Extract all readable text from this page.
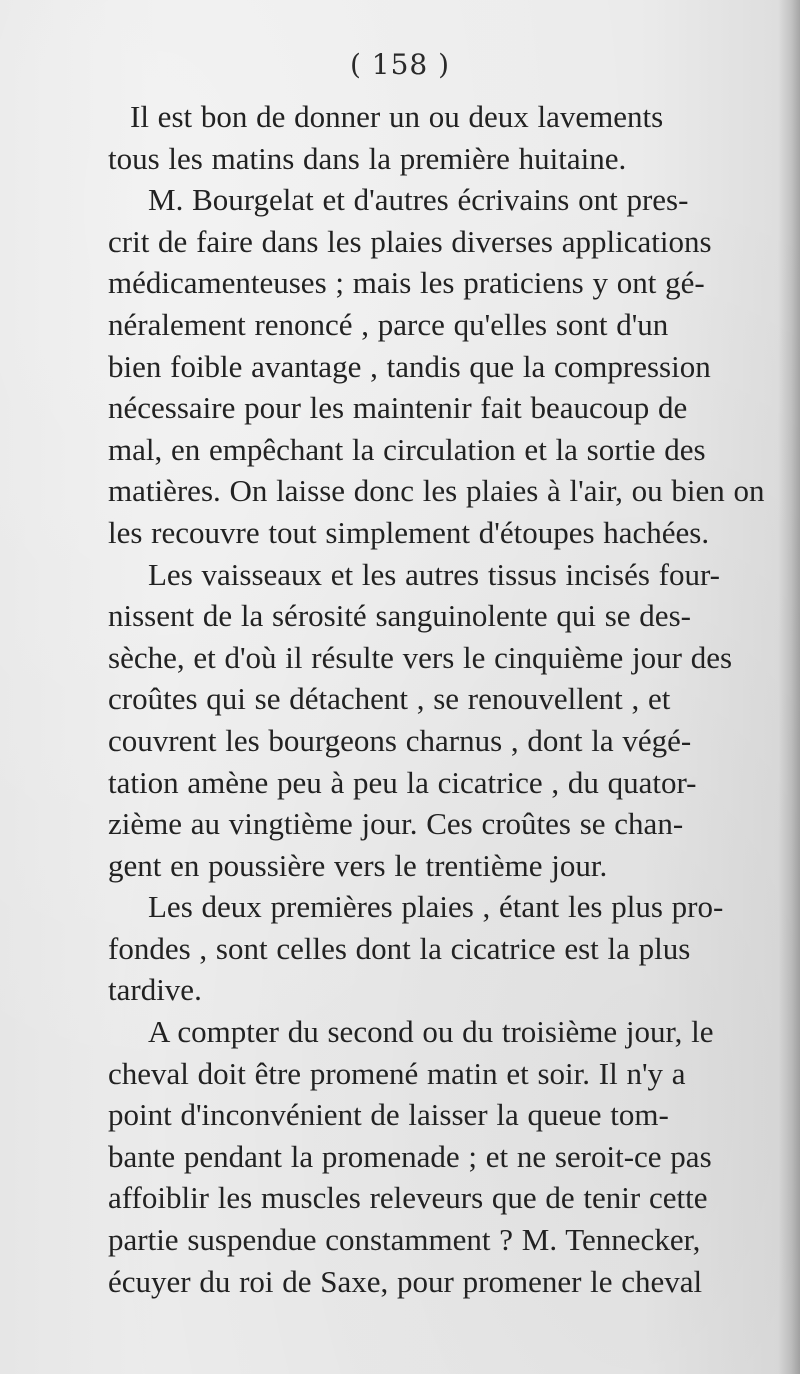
( 158 )
Il est bon de donner un ou deux lavements
tous les matins dans la première huitaine.
M. Bourgelat et d'autres écrivains ont pres-
crit de faire dans les plaies diverses applications
médicamenteuses ; mais les praticiens y ont gé-
néralement renoncé , parce qu'elles sont d'un
bien foible avantage , tandis que la compression
nécessaire pour les maintenir fait beaucoup de
mal, en empêchant la circulation et la sortie des
matières. On laisse donc les plaies à l'air, ou bien on
les recouvre tout simplement d'étoupes hachées.
Les vaisseaux et les autres tissus incisés four-
nissent de la sérosité sanguinolente qui se des-
sèche, et d'où il résulte vers le cinquième jour des
croûtes qui se détachent , se renouvellent , et
couvrent les bourgeons charnus , dont la végé-
tation amène peu à peu la cicatrice , du quator-
zième au vingtième jour. Ces croûtes se chan-
gent en poussière vers le trentième jour.
Les deux premières plaies , étant les plus pro-
fondes , sont celles dont la cicatrice est la plus
tardive.
A compter du second ou du troisième jour, le
cheval doit être promené matin et soir. Il n'y a
point d'inconvénient de laisser la queue tom-
bante pendant la promenade ; et ne seroit-ce pas
affoiblir les muscles releveurs que de tenir cette
partie suspendue constamment ? M. Tennecker,
écuyer du roi de Saxe, pour promener le cheval
